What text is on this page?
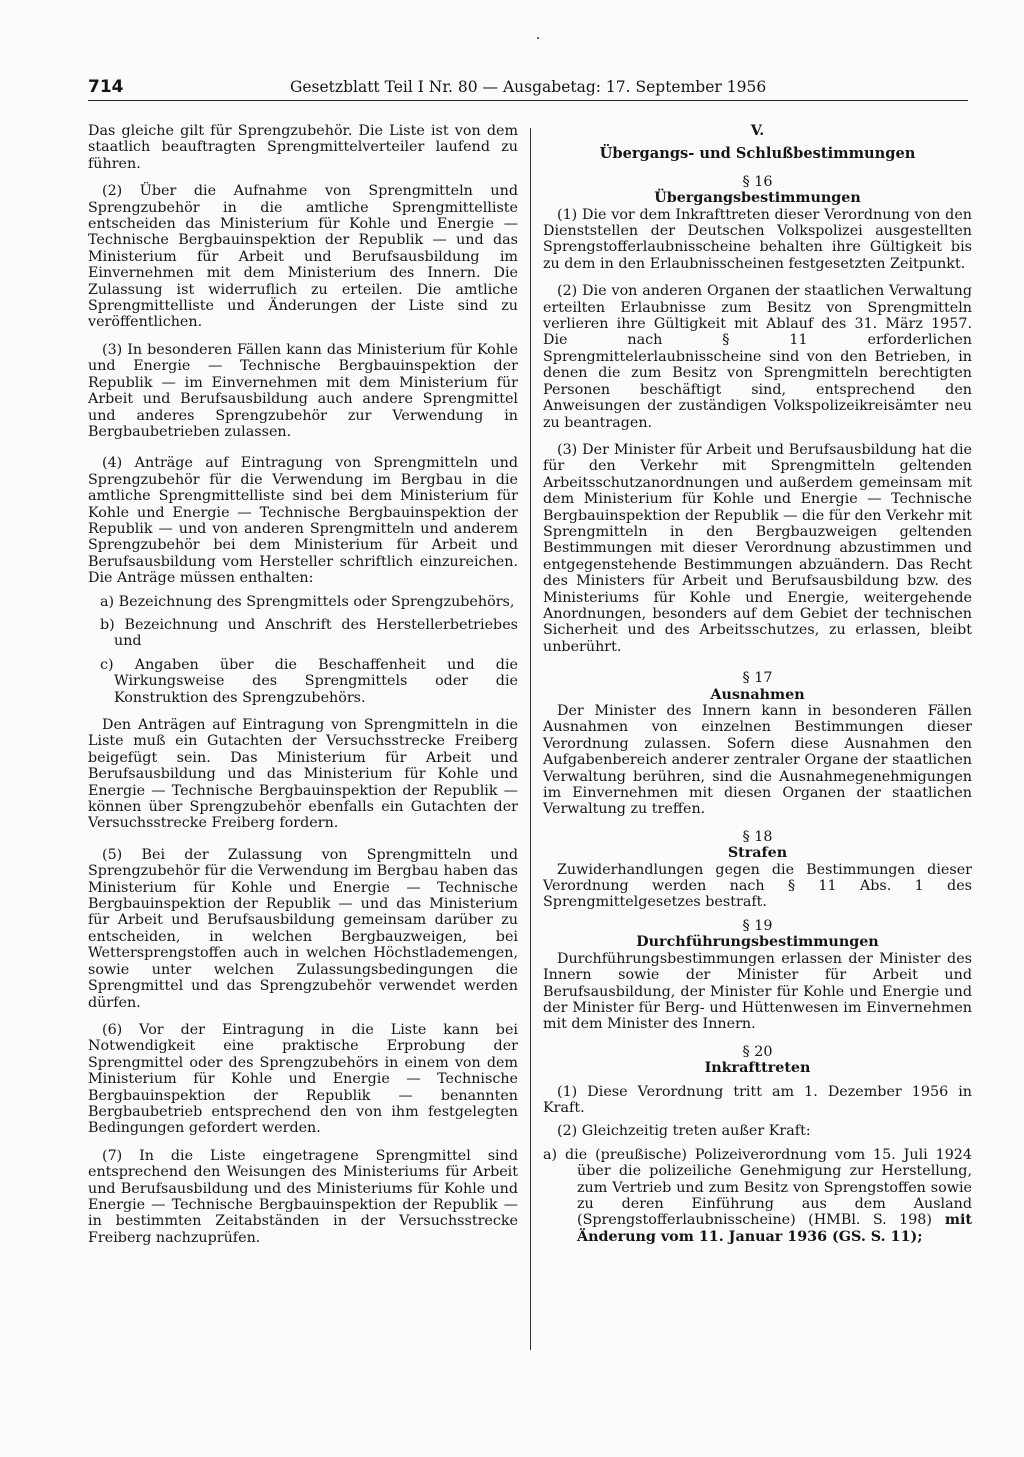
714	Gesetzblatt Teil I Nr. 80 — Ausgabetag: 17. September 1956

Das gleiche gilt für Sprengzubehör. Die Liste ist von dem staatlich beauftragten Sprengmittelverteiler laufend zu führen.

(2) Über die Aufnahme von Sprengmitteln und Sprengzubehör in die amtliche Sprengmittelliste entscheiden das Ministerium für Kohle und Energie — Technische Bergbauinspektion der Republik — und das Ministerium für Arbeit und Berufsausbildung im Einvernehmen mit dem Ministerium des Innern. Die Zulassung ist widerruflich zu erteilen. Die amtliche Sprengmittelliste und Änderungen der Liste sind zu veröffentlichen.

(3) In besonderen Fällen kann das Ministerium für Kohle und Energie — Technische Bergbauinspektion der Republik — im Einvernehmen mit dem Ministerium für Arbeit und Berufsausbildung auch andere Sprengmittel und anderes Sprengzubehör zur Verwendung in Bergbaubetrieben zulassen.

(4) Anträge auf Eintragung von Sprengmitteln und Sprengzubehör für die Verwendung im Bergbau in die amtliche Sprengmittelliste sind bei dem Ministerium für Kohle und Energie — Technische Bergbauinspektion der Republik — und von anderen Sprengmitteln und anderem Sprengzubehör bei dem Ministerium für Arbeit und Berufsausbildung vom Hersteller schriftlich einzureichen. Die Anträge müssen enthalten:

a) Bezeichnung des Sprengmittels oder Sprengzubehörs,

b) Bezeichnung und Anschrift des Herstellerbetriebes und

c) Angaben über die Beschaffenheit und die Wirkungsweise des Sprengmittels oder die Konstruktion des Sprengzubehörs.

Den Anträgen auf Eintragung von Sprengmitteln in die Liste muß ein Gutachten der Versuchsstrecke Freiberg beigefügt sein. Das Ministerium für Arbeit und Berufsausbildung und das Ministerium für Kohle und Energie — Technische Bergbauinspektion der Republik — können über Sprengzubehör ebenfalls ein Gutachten der Versuchsstrecke Freiberg fordern.

(5) Bei der Zulassung von Sprengmitteln und Sprengzubehör für die Verwendung im Bergbau haben das Ministerium für Kohle und Energie — Technische Bergbauinspektion der Republik — und das Ministerium für Arbeit und Berufsausbildung gemeinsam darüber zu entscheiden, in welchen Bergbauzweigen, bei Wettersprengstoffen auch in welchen Höchstlademengen, sowie unter welchen Zulassungsbedingungen die Sprengmittel und das Sprengzubehör verwendet werden dürfen.

(6) Vor der Eintragung in die Liste kann bei Notwendigkeit eine praktische Erprobung der Sprengmittel oder des Sprengzubehörs in einem von dem Ministerium für Kohle und Energie — Technische Bergbauinspektion der Republik — benannten Bergbaubetrieb entsprechend den von ihm festgelegten Bedingungen gefordert werden.

(7) In die Liste eingetragene Sprengmittel sind entsprechend den Weisungen des Ministeriums für Arbeit und Berufsausbildung und des Ministeriums für Kohle und Energie — Technische Bergbauinspektion der Republik — in bestimmten Zeitabständen in der Versuchsstrecke Freiberg nachzuprüfen.

V.

Übergangs- und Schlußbestimmungen

§ 16

Übergangsbestimmungen

(1) Die vor dem Inkrafttreten dieser Verordnung von den Dienststellen der Deutschen Volkspolizei ausgestellten Sprengstofferlaubnisscheine behalten ihre Gültigkeit bis zu dem in den Erlaubnisscheinen festgesetzten Zeitpunkt.

(2) Die von anderen Organen der staatlichen Verwaltung erteilten Erlaubnisse zum Besitz von Sprengmitteln verlieren ihre Gültigkeit mit Ablauf des 31. März 1957. Die nach § 11 erforderlichen Sprengmittelerlaubnisscheine sind von den Betrieben, in denen die zum Besitz von Sprengmitteln berechtigten Personen beschäftigt sind, entsprechend den Anweisungen der zuständigen Volkspolizeikreisämter neu zu beantragen.

(3) Der Minister für Arbeit und Berufsausbildung hat die für den Verkehr mit Sprengmitteln geltenden Arbeitsschutzanordnungen und außerdem gemeinsam mit dem Ministerium für Kohle und Energie — Technische Bergbauinspektion der Republik — die für den Verkehr mit Sprengmitteln in den Bergbauzweigen geltenden Bestimmungen mit dieser Verordnung abzustimmen und entgegenstehende Bestimmungen abzuändern. Das Recht des Ministers für Arbeit und Berufsausbildung bzw. des Ministeriums für Kohle und Energie, weitergehende Anordnungen, besonders auf dem Gebiet der technischen Sicherheit und des Arbeitsschutzes, zu erlassen, bleibt unberührt.

§ 17

Ausnahmen

Der Minister des Innern kann in besonderen Fällen Ausnahmen von einzelnen Bestimmungen dieser Verordnung zulassen. Sofern diese Ausnahmen den Aufgabenbereich anderer zentraler Organe der staatlichen Verwaltung berühren, sind die Ausnahmegenehmigungen im Einvernehmen mit diesen Organen der staatlichen Verwaltung zu treffen.

§ 18

Strafen

Zuwiderhandlungen gegen die Bestimmungen dieser Verordnung werden nach § 11 Abs. 1 des Sprengmittelgesetzes bestraft.

§ 19

Durchführungsbestimmungen

Durchführungsbestimmungen erlassen der Minister des Innern sowie der Minister für Arbeit und Berufsausbildung, der Minister für Kohle und Energie und der Minister für Berg- und Hüttenwesen im Einvernehmen mit dem Minister des Innern.

§ 20

Inkrafttreten

(1) Diese Verordnung tritt am 1. Dezember 1956 in Kraft.

(2) Gleichzeitig treten außer Kraft:

a) die (preußische) Polizeiverordnung vom 15. Juli 1924 über die polizeiliche Genehmigung zur Herstellung, zum Vertrieb und zum Besitz von Sprengstoffen sowie zu deren Einführung aus dem Ausland (Sprengstofferlaubnisscheine) (HMBl. S. 198) mit Änderung vom 11. Januar 1936 (GS. S. 11);
